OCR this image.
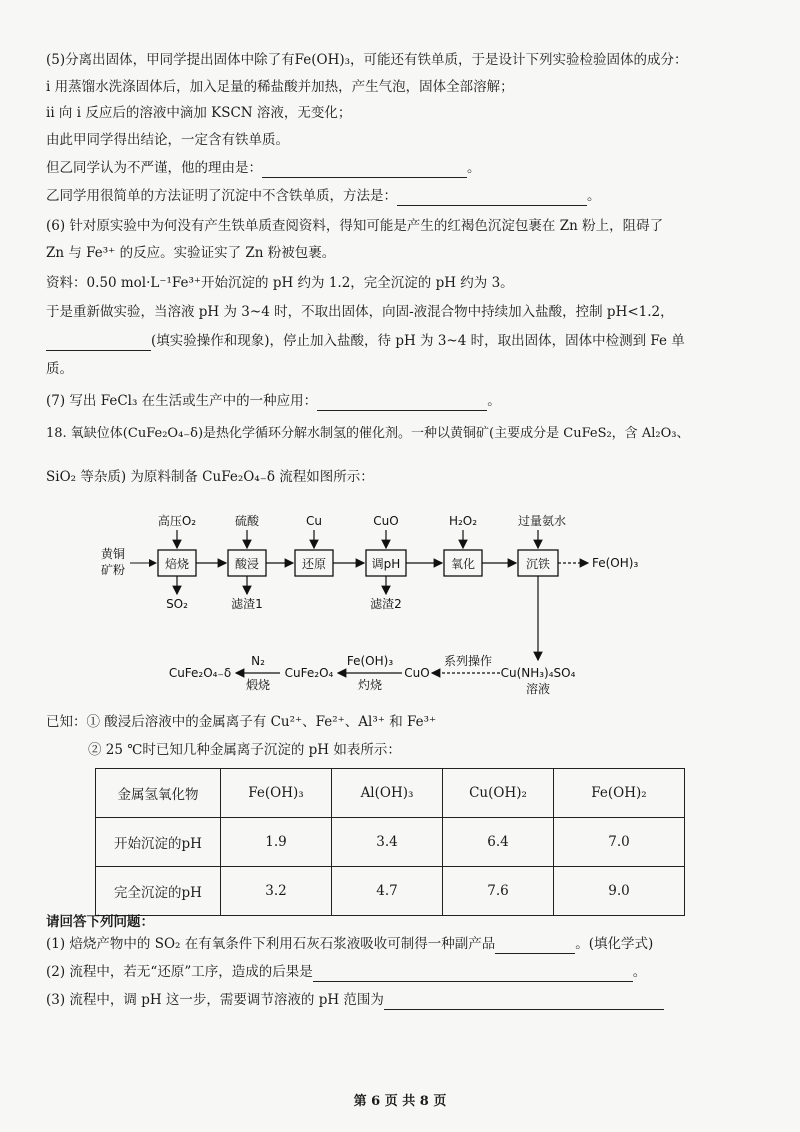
(5)分离出固体，甲同学提出固体中除了有Fe(OH)₃，可能还有铁单质，于是设计下列实验检验固体的成分：
i 用蒸馏水洗涤固体后，加入足量的稀盐酸并加热，产生气泡，固体全部溶解；
ii 向 i 反应后的溶液中滴加 KSCN 溶液，无变化；
由此甲同学得出结论，一定含有铁单质。
但乙同学认为不严谨，他的理由是：	。
乙同学用很简单的方法证明了沉淀中不含铁单质，方法是：	。
(6) 针对原实验中为何没有产生铁单质查阅资料，得知可能是产生的红褐色沉淀包裹在 Zn 粉上，阻碍了
Zn 与 Fe³⁺ 的反应。实验证实了 Zn 粉被包裹。
资料：0.50 mol·L⁻¹Fe³⁺开始沉淀的 pH 约为 1.2，完全沉淀的 pH 约为 3。
于是重新做实验，当溶液 pH 为 3~4 时，不取出固体，向固-液混合物中持续加入盐酸，控制 pH<1.2，
(填实验操作和现象)，停止加入盐酸，待 pH 为 3~4 时，取出固体，固体中检测到 Fe 单
质。
(7) 写出 FeCl₃ 在生活或生产中的一种应用：	。
18. 氧缺位体(CuFe₂O₄₋δ)是热化学循环分解水制氢的催化剂。一种以黄铜矿(主要成分是 CuFeS₂，含 Al₂O₃、
SiO₂ 等杂质) 为原料制备 CuFe₂O₄₋δ 流程如图所示：
黄铜
矿粉	焙烧	酸浸	还原	调pH	氧化	沉铁	Fe(OH)₃
高压O₂	硫酸	Cu	CuO	H₂O₂	过量氨水
SO₂	滤渣1	滤渣2
Cu(NH₃)₄SO₄
溶液
系列操作
CuO
Fe(OH)₃
灼烧
CuFe₂O₄
N₂
煅烧
CuFe₂O₄₋δ
已知：① 酸浸后溶液中的金属离子有 Cu²⁺、Fe²⁺、Al³⁺ 和 Fe³⁺
② 25 ℃时已知几种金属离子沉淀的 pH 如表所示：
金属氢氧化物	Fe(OH)₃	Al(OH)₃	Cu(OH)₂	Fe(OH)₂
开始沉淀的pH	1.9	3.4	6.4	7.0
完全沉淀的pH	3.2	4.7	7.6	9.0
请回答下列问题：
(1) 焙烧产物中的 SO₂ 在有氧条件下利用石灰石浆液吸收可制得一种副产品	。(填化学式)
(2) 流程中，若无“还原”工序，造成的后果是	。
(3) 流程中，调 pH 这一步，需要调节溶液的 pH 范围为
第 6 页 共 8 页
